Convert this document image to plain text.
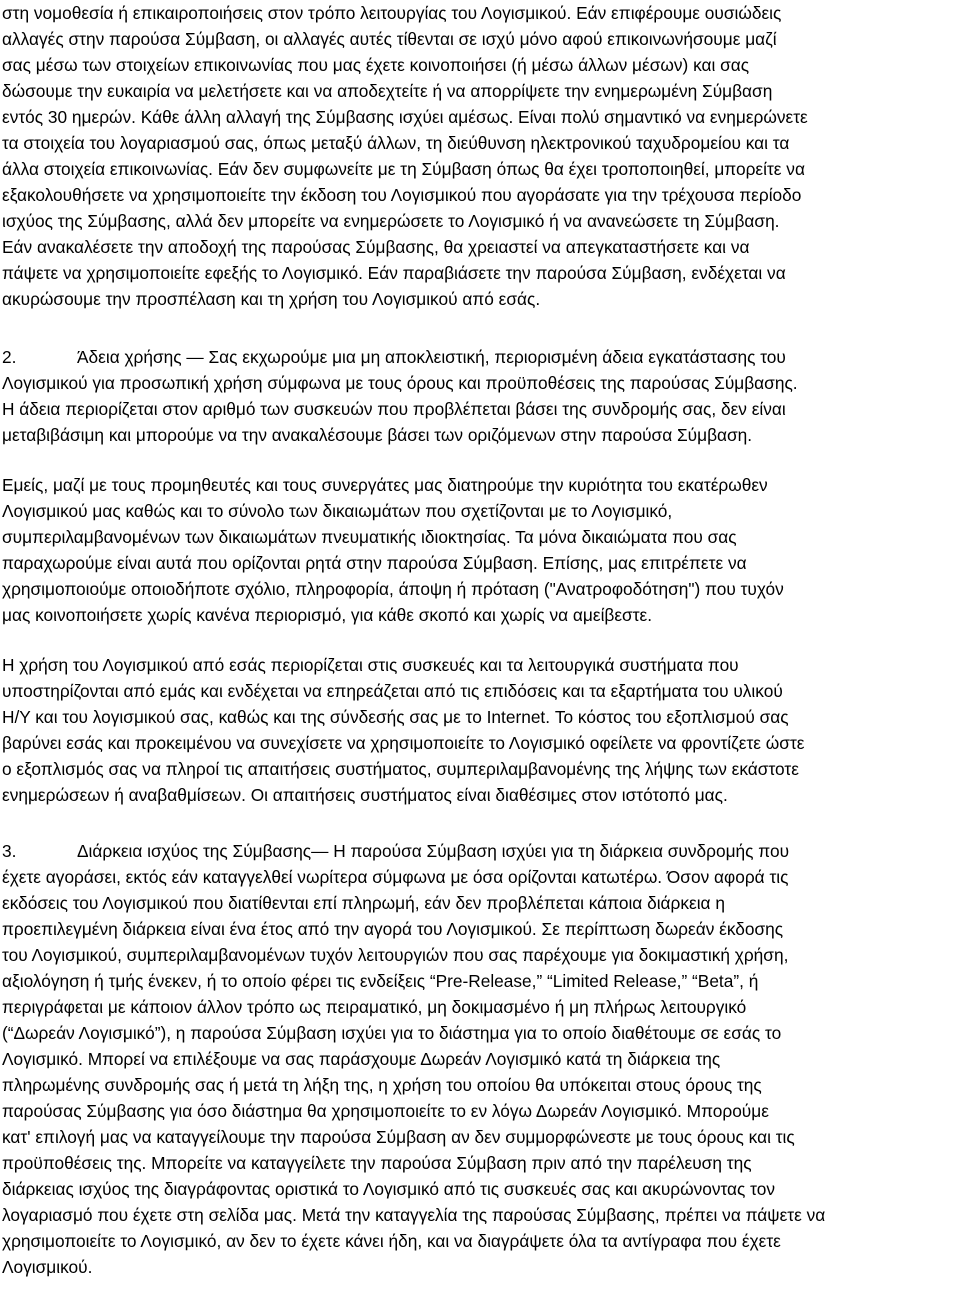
στη νομοθεσία ή επικαιροποιήσεις στον τρόπο λειτουργίας του Λογισμικού. Εάν επιφέρουμε ουσιώδεις
αλλαγές στην παρούσα Σύμβαση, οι αλλαγές αυτές τίθενται σε ισχύ μόνο αφού επικοινωνήσουμε μαζί
σας μέσω των στοιχείων επικοινωνίας που μας έχετε κοινοποιήσει (ή μέσω άλλων μέσων) και σας
δώσουμε την ευκαιρία να μελετήσετε και να αποδεχτείτε ή να απορρίψετε την ενημερωμένη Σύμβαση
εντός 30 ημερών. Κάθε άλλη αλλαγή της Σύμβασης ισχύει αμέσως. Είναι πολύ σημαντικό να ενημερώνετε
τα στοιχεία του λογαριασμού σας, όπως μεταξύ άλλων, τη διεύθυνση ηλεκτρονικού ταχυδρομείου και τα
άλλα στοιχεία επικοινωνίας. Εάν δεν συμφωνείτε με τη Σύμβαση όπως θα έχει τροποποιηθεί, μπορείτε να
εξακολουθήσετε να χρησιμοποιείτε την έκδοση του Λογισμικού που αγοράσατε για την τρέχουσα περίοδο
ισχύος της Σύμβασης, αλλά δεν μπορείτε να ενημερώσετε το Λογισμικό ή να ανανεώσετε τη Σύμβαση.
Εάν ανακαλέσετε την αποδοχή της παρούσας Σύμβασης, θα χρειαστεί να απεγκαταστήσετε και να
πάψετε να χρησιμοποιείτε εφεξής το Λογισμικό. Εάν παραβιάσετε την παρούσα Σύμβαση, ενδέχεται να
ακυρώσουμε την προσπέλαση και τη χρήση του Λογισμικού από εσάς.
2.	Άδεια χρήσης — Σας εκχωρούμε μια μη αποκλειστική, περιορισμένη άδεια εγκατάστασης του
Λογισμικού για προσωπική χρήση σύμφωνα με τους όρους και προϋποθέσεις της παρούσας Σύμβασης.
Η άδεια περιορίζεται στον αριθμό των συσκευών που προβλέπεται βάσει της συνδρομής σας, δεν είναι
μεταβιβάσιμη και μπορούμε να την ανακαλέσουμε βάσει των οριζόμενων στην παρούσα Σύμβαση.
Εμείς, μαζί με τους προμηθευτές και τους συνεργάτες μας διατηρούμε την κυριότητα του εκατέρωθεν
Λογισμικού μας καθώς και το σύνολο των δικαιωμάτων που σχετίζονται με το Λογισμικό,
συμπεριλαμβανομένων των δικαιωμάτων πνευματικής ιδιοκτησίας. Τα μόνα δικαιώματα που σας
παραχωρούμε είναι αυτά που ορίζονται ρητά στην παρούσα Σύμβαση. Επίσης, μας επιτρέπετε να
χρησιμοποιούμε οποιοδήποτε σχόλιο, πληροφορία, άποψη ή πρόταση ("Ανατροφοδότηση") που τυχόν
μας κοινοποιήσετε χωρίς κανένα περιορισμό, για κάθε σκοπό και χωρίς να αμείβεστε.
Η χρήση του Λογισμικού από εσάς περιορίζεται στις συσκευές και τα λειτουργικά συστήματα που
υποστηρίζονται από εμάς και ενδέχεται να επηρεάζεται από τις επιδόσεις και τα εξαρτήματα του υλικού
Η/Υ και του λογισμικού σας, καθώς και της σύνδεσής σας με το Internet. Το κόστος του εξοπλισμού σας
βαρύνει εσάς και προκειμένου να συνεχίσετε να χρησιμοποιείτε το Λογισμικό οφείλετε να φροντίζετε ώστε
ο εξοπλισμός σας να πληροί τις απαιτήσεις συστήματος, συμπεριλαμβανομένης της λήψης των εκάστοτε
ενημερώσεων ή αναβαθμίσεων. Οι απαιτήσεις συστήματος είναι διαθέσιμες στον ιστότοπό μας.
3.	Διάρκεια ισχύος της Σύμβασης— Η παρούσα Σύμβαση ισχύει για τη διάρκεια συνδρομής που
έχετε αγοράσει, εκτός εάν καταγγελθεί νωρίτερα σύμφωνα με όσα ορίζονται κατωτέρω. Όσον αφορά τις
εκδόσεις του Λογισμικού που διατίθενται επί πληρωμή, εάν δεν προβλέπεται κάποια διάρκεια η
προεπιλεγμένη διάρκεια είναι ένα έτος από την αγορά του Λογισμικού. Σε περίπτωση δωρεάν έκδοσης
του Λογισμικού, συμπεριλαμβανομένων τυχόν λειτουργιών που σας παρέχουμε για δοκιμαστική χρήση,
αξιολόγηση ή τμής ένεκεν, ή το οποίο φέρει τις ενδείξεις “Pre-Release,” “Limited Release,” “Beta”, ή
περιγράφεται με κάποιον άλλον τρόπο ως πειραματικό, μη δοκιμασμένο ή μη πλήρως λειτουργικό
(“Δωρεάν Λογισμικό”), η παρούσα Σύμβαση ισχύει για το διάστημα για το οποίο διαθέτουμε σε εσάς το
Λογισμικό. Μπορεί να επιλέξουμε να σας παράσχουμε Δωρεάν Λογισμικό κατά τη διάρκεια της
πληρωμένης συνδρομής σας ή μετά τη λήξη της, η χρήση του οποίου θα υπόκειται στους όρους της
παρούσας Σύμβασης για όσο διάστημα θα χρησιμοποιείτε το εν λόγω Δωρεάν Λογισμικό. Μπορούμε
κατ' επιλογή μας να καταγγείλουμε την παρούσα Σύμβαση αν δεν συμμορφώνεστε με τους όρους και τις
προϋποθέσεις της. Μπορείτε να καταγγείλετε την παρούσα Σύμβαση πριν από την παρέλευση της
διάρκειας ισχύος της διαγράφοντας οριστικά το Λογισμικό από τις συσκευές σας και ακυρώνοντας τον
λογαριασμό που έχετε στη σελίδα μας. Μετά την καταγγελία της παρούσας Σύμβασης, πρέπει να πάψετε να
χρησιμοποιείτε το Λογισμικό, αν δεν το έχετε κάνει ήδη, και να διαγράψετε όλα τα αντίγραφα που έχετε
Λογισμικού.
